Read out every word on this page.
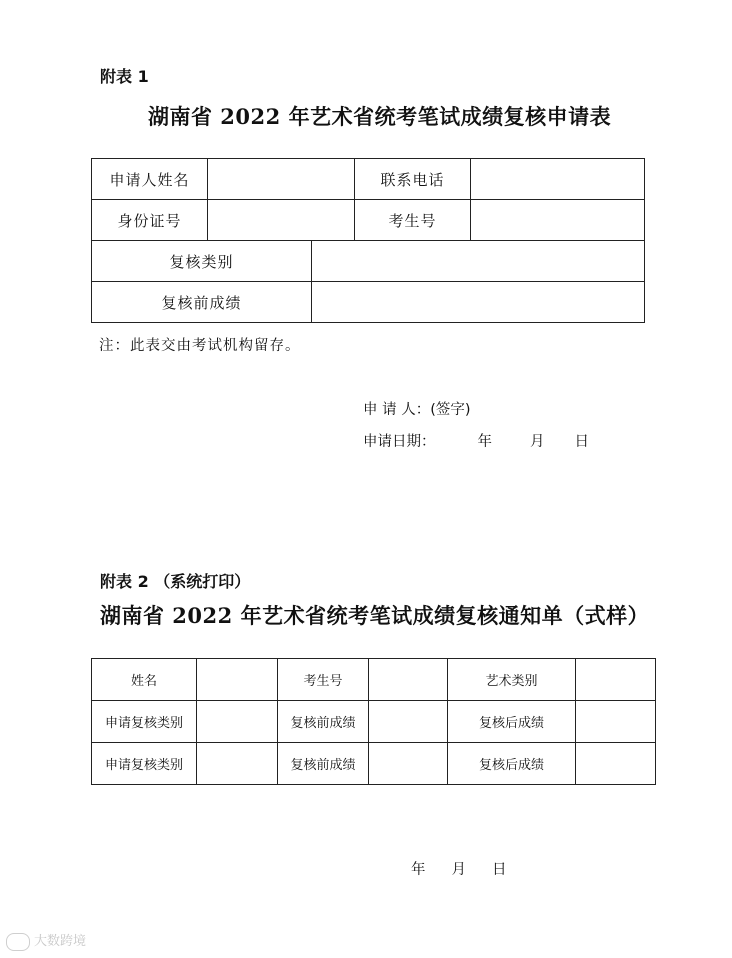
附表 1
湖南省 2022 年艺术省统考笔试成绩复核申请表
申请人姓名			联系电话	
身份证号			考生号	
复核类别				
复核前成绩				
注：此表交由考试机构留存。
申 请 人：(签字)
申请日期：	年	月 日
附表 2 （系统打印）
湖南省 2022 年艺术省统考笔试成绩复核通知单（式样）
姓名		考生号		艺术类别	
申请复核类别		复核前成绩		复核后成绩	
申请复核类别		复核前成绩		复核后成绩	
年 月 日
大数跨境
